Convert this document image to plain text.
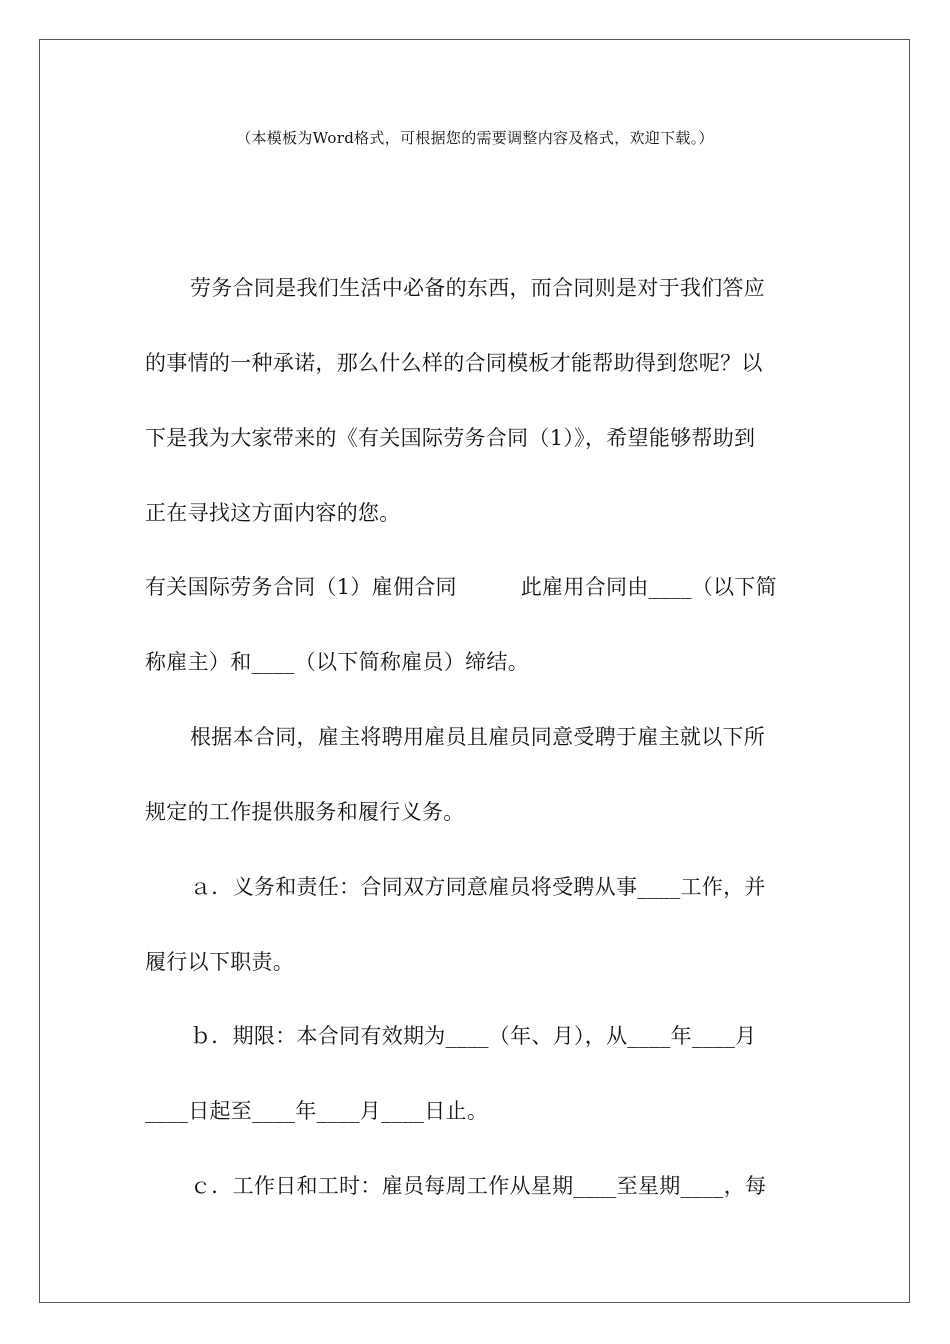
（本模板为Word格式，可根据您的需要调整内容及格式，欢迎下载。）
劳务合同是我们生活中必备的东西，而合同则是对于我们答应
的事情的一种承诺，那么什么样的合同模板才能帮助得到您呢？以
下是我为大家带来的《有关国际劳务合同（1）》，希望能够帮助到
正在寻找这方面内容的您。
有关国际劳务合同（1）雇佣合同　　　此雇用合同由____（以下简
称雇主）和____（以下简称雇员）缔结。
根据本合同，雇主将聘用雇员且雇员同意受聘于雇主就以下所
规定的工作提供服务和履行义务。
ａ．义务和责任：合同双方同意雇员将受聘从事____工作，并
履行以下职责。
ｂ．期限：本合同有效期为____（年、月），从____年____月
____日起至____年____月____日止。
ｃ．工作日和工时：雇员每周工作从星期____至星期____，每
